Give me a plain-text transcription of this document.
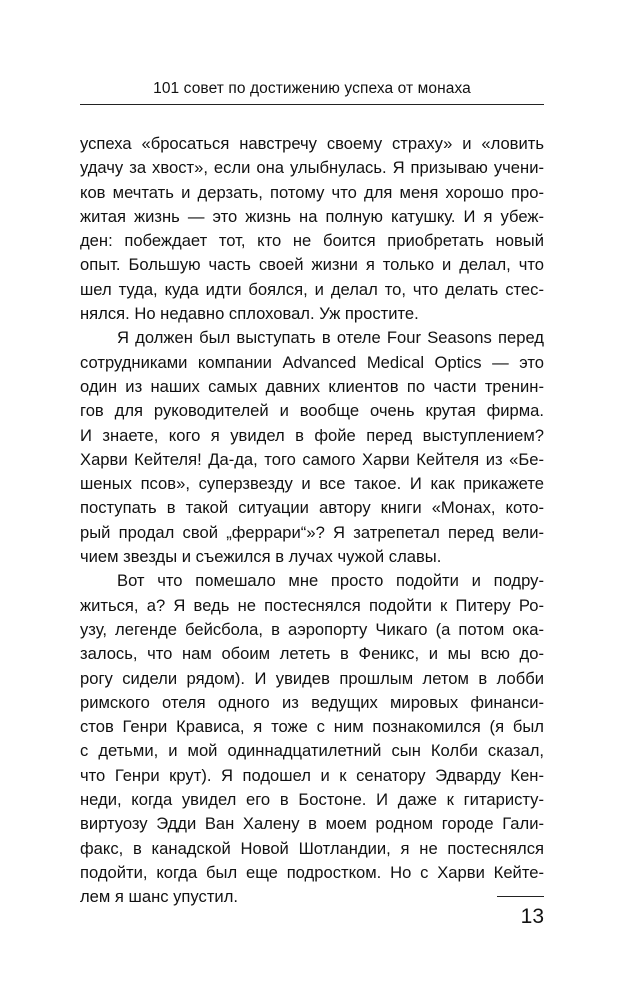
101 совет по достижению успеха от монаха
успеха «бросаться навстречу своему страху» и «ловить
удачу за хвост», если она улыбнулась. Я призываю учени-
ков мечтать и дерзать, потому что для меня хорошо про-
житая жизнь — это жизнь на полную катушку. И я убеж-
ден: побеждает тот, кто не боится приобретать новый
опыт. Большую часть своей жизни я только и делал, что
шел туда, куда идти боялся, и делал то, что делать стес-
нялся. Но недавно сплоховал. Уж простите.
Я должен был выступать в отеле Four Seasons перед
сотрудниками компании Advanced Medical Optics — это
один из наших самых давних клиентов по части тренин-
гов для руководителей и вообще очень крутая фирма.
И знаете, кого я увидел в фойе перед выступлением?
Харви Кейтеля! Да-да, того самого Харви Кейтеля из «Бе-
шеных псов», суперзвезду и все такое. И как прикажете
поступать в такой ситуации автору книги «Монах, кото-
рый продал свой „феррари“»? Я затрепетал перед вели-
чием звезды и съежился в лучах чужой славы.
Вот что помешало мне просто подойти и подру-
житься, а? Я ведь не постеснялся подойти к Питеру Ро-
узу, легенде бейсбола, в аэропорту Чикаго (а потом ока-
залось, что нам обоим лететь в Феникс, и мы всю до-
рогу сидели рядом). И увидев прошлым летом в лобби
римского отеля одного из ведущих мировых финанси-
стов Генри Крависа, я тоже с ним познакомился (я был
с детьми, и мой одиннадцатилетний сын Колби сказал,
что Генри крут). Я подошел и к сенатору Эдварду Кен-
неди, когда увидел его в Бостоне. И даже к гитаристу-
виртуозу Эдди Ван Халену в моем родном городе Гали-
факс, в канадской Новой Шотландии, я не постеснялся
подойти, когда был еще подростком. Но с Харви Кейте-
лем я шанс упустил.
13
